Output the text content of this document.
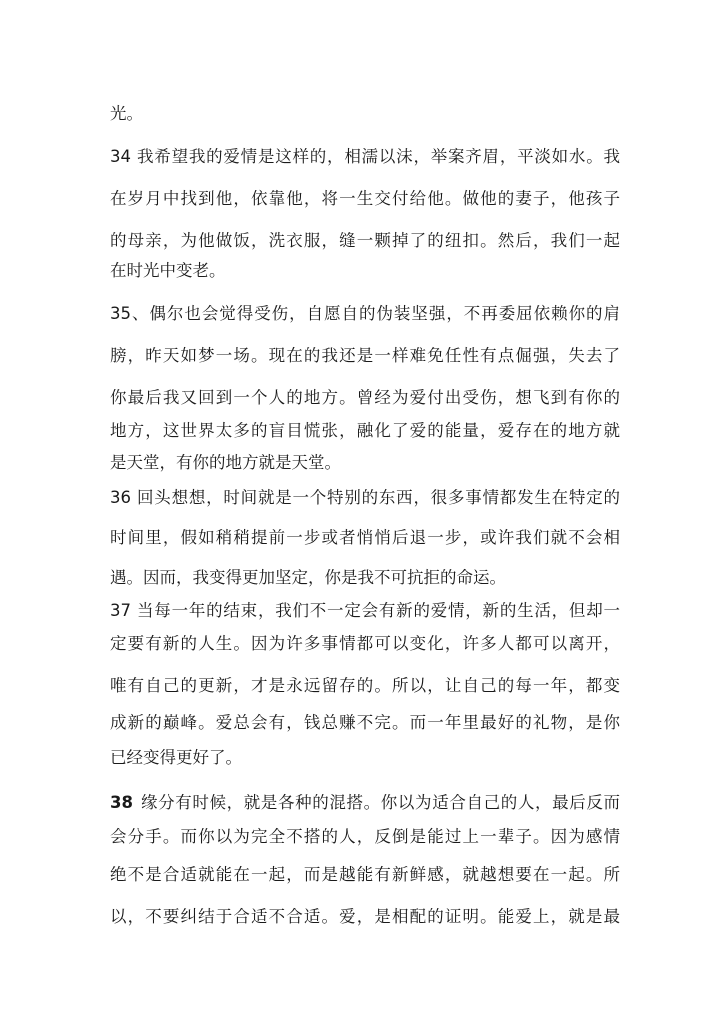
光。
34 我希望我的爱情是这样的，相濡以沫，举案齐眉，平淡如水。我
在岁月中找到他，依靠他，将一生交付给他。做他的妻子，他孩子
的母亲，为他做饭，洗衣服，缝一颗掉了的纽扣。然后，我们一起
在时光中变老。
35、偶尔也会觉得受伤，自愿自的伪装坚强，不再委屈依赖你的肩
膀，昨天如梦一场。现在的我还是一样难免任性有点倔强，失去了
你最后我又回到一个人的地方。曾经为爱付出受伤，想飞到有你的
地方，这世界太多的盲目慌张，融化了爱的能量，爱存在的地方就
是天堂，有你的地方就是天堂。
36 回头想想，时间就是一个特别的东西，很多事情都发生在特定的
时间里，假如稍稍提前一步或者悄悄后退一步，或许我们就不会相
遇。因而，我变得更加坚定，你是我不可抗拒的命运。
37 当每一年的结束，我们不一定会有新的爱情，新的生活，但却一
定要有新的人生。因为许多事情都可以变化，许多人都可以离开，
唯有自己的更新，才是永远留存的。所以，让自己的每一年，都变
成新的巅峰。爱总会有，钱总赚不完。而一年里最好的礼物，是你
已经变得更好了。
38 缘分有时候，就是各种的混搭。你以为适合自己的人，最后反而
会分手。而你以为完全不搭的人，反倒是能过上一辈子。因为感情
绝不是合适就能在一起，而是越能有新鲜感，就越想要在一起。所
以，不要纠结于合适不合适。爱，是相配的证明。能爱上，就是最
